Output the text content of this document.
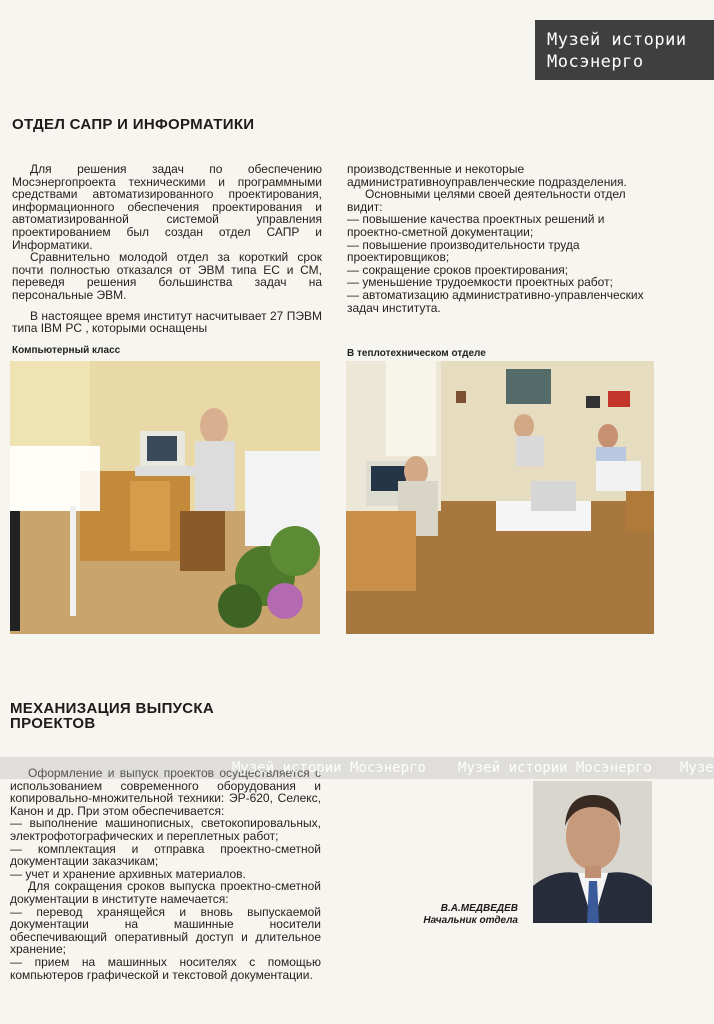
Музей истории
Мосэнерго
ОТДЕЛ САПР И ИНФОРМАТИКИ

Для решения задач по обеспечению Мосэнергопроекта техническими и программными средствами автоматизированного проектирования, информационного обеспечения проектирования и автоматизированной системой управления проектированием был создан отдел САПР и Информатики.

Сравнительно молодой отдел за короткий срок почти полностью отказался от ЭВМ типа ЕС и СМ, переведя решения большинства задач на персональные ЭВМ.

В настоящее время институт насчитывает 27 ПЭВМ типа IBM PC , которыми оснащены

производственные и некоторые административноуправленческие подразделения.

Основными целями своей деятельности отдел видит:

— повышение качества проектных решений и проектно-сметной документации;

— повышение производительности труда проектировщиков;

— сокращение сроков проектирования;

— уменьшение трудоемкости проектных работ;

— автоматизацию административно-управленческих задач института.

Компьютерный класс	В теплотехническом отделе
МЕХАНИЗАЦИЯ ВЫПУСКА
ПРОЕКТОВ

Оформление и выпуск проектов осуществляется с использованием современного оборудования и копировально-множительной техники: ЭР-620, Селекс, Канон и др. При этом обеспечивается:

— выполнение машинописных, светокопировальных, электрофотографических и переплетных работ;

— комплектация и отправка проектно-сметной документации заказчикам;

— учет и хранение архивных материалов.

Для сокращения сроков выпуска проектно-сметной документации в институте намечается:

— перевод хранящейся и вновь выпускаемой документации на машинные носители обеспечивающий оперативный доступ и длительное хранение;

— прием на машинных носителях с помощью компьютеров графической и текстовой документации.

Музей истории Мосэнерго Музей истории Мосэнерго Музе
В.А.МЕДВЕДЕВ
Начальник отдела
